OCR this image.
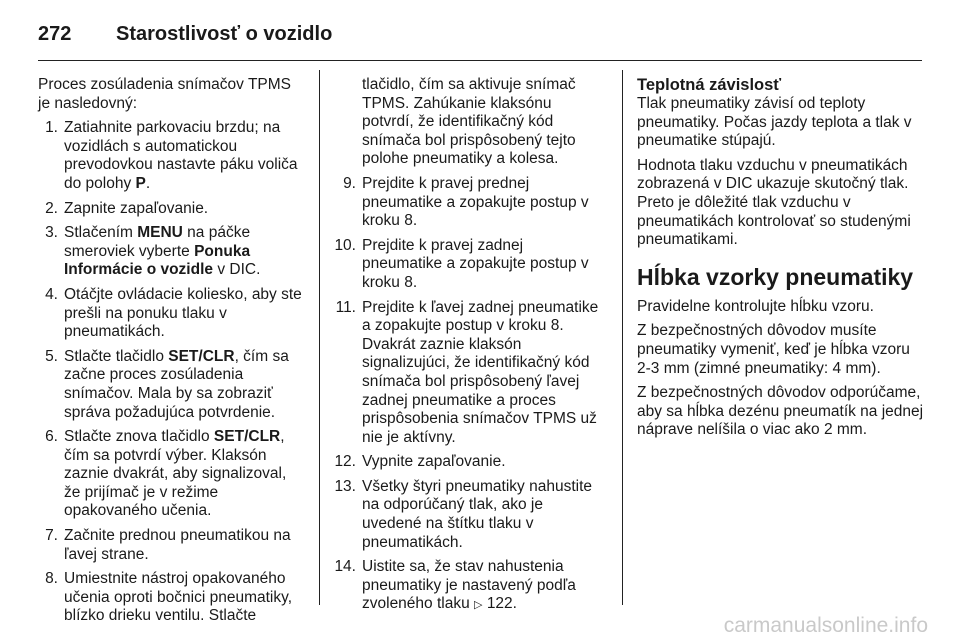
272	Starostlivosť o vozidlo

Proces zosúladenia snímačov TPMS je nasledovný:

1. Zatiahnite parkovaciu brzdu; na vozidlách s automatickou prevodovkou nastavte páku voliča do polohy P.
2. Zapnite zapaľovanie.
3. Stlačením MENU na páčke smeroviek vyberte Ponuka Informácie o vozidle v DIC.
4. Otáčjte ovládacie koliesko, aby ste prešli na ponuku tlaku v pneumatikách.
5. Stlačte tlačidlo SET/CLR, čím sa začne proces zosúladenia snímačov. Mala by sa zobraziť správa požadujúca potvrdenie.
6. Stlačte znova tlačidlo SET/CLR, čím sa potvrdí výber. Klaksón zaznie dvakrát, aby signalizoval, že prijímač je v režime opakovaného učenia.
7. Začnite prednou pneumatikou na ľavej strane.
8. Umiestnite nástroj opakovaného učenia oproti bočnici pneumatiky, blízko drieku ventilu. Stlačte
tlačidlo, čím sa aktivuje snímač TPMS. Zahúkanie klaksónu potvrdí, že identifikačný kód snímača bol prispôsobený tejto polohe pneumatiky a kolesa.
9. Prejdite k pravej prednej pneumatike a zopakujte postup v kroku 8.
10. Prejdite k pravej zadnej pneumatike a zopakujte postup v kroku 8.
11. Prejdite k ľavej zadnej pneumatike a zopakujte postup v kroku 8. Dvakrát zaznie klaksón signalizujúci, že identifikačný kód snímača bol prispôsobený ľavej zadnej pneumatike a proces prispôsobenia snímačov TPMS už nie je aktívny.
12. Vypnite zapaľovanie.
13. Všetky štyri pneumatiky nahustite na odporúčaný tlak, ako je uvedené na štítku tlaku v pneumatikách.
14. Uistite sa, že stav nahustenia pneumatiky je nastavený podľa zvoleného tlaku ▷ 122.
Teplotná závislosť

Tlak pneumatiky závisí od teploty pneumatiky. Počas jazdy teplota a tlak v pneumatike stúpajú.

Hodnota tlaku vzduchu v pneumatikách zobrazená v DIC ukazuje skutočný tlak. Preto je dôležité tlak vzduchu v pneumatikách kontrolovať so studenými pneumatikami.

Hĺbka vzorky pneumatiky

Pravidelne kontrolujte hĺbku vzoru.

Z bezpečnostných dôvodov musíte pneumatiky vymeniť, keď je hĺbka vzoru 2-3 mm (zimné pneumatiky: 4 mm).

Z bezpečnostných dôvodov odporúčame, aby sa hĺbka dezénu pneumatík na jednej náprave nelíšila o viac ako 2 mm.

carmanualsonline.info
